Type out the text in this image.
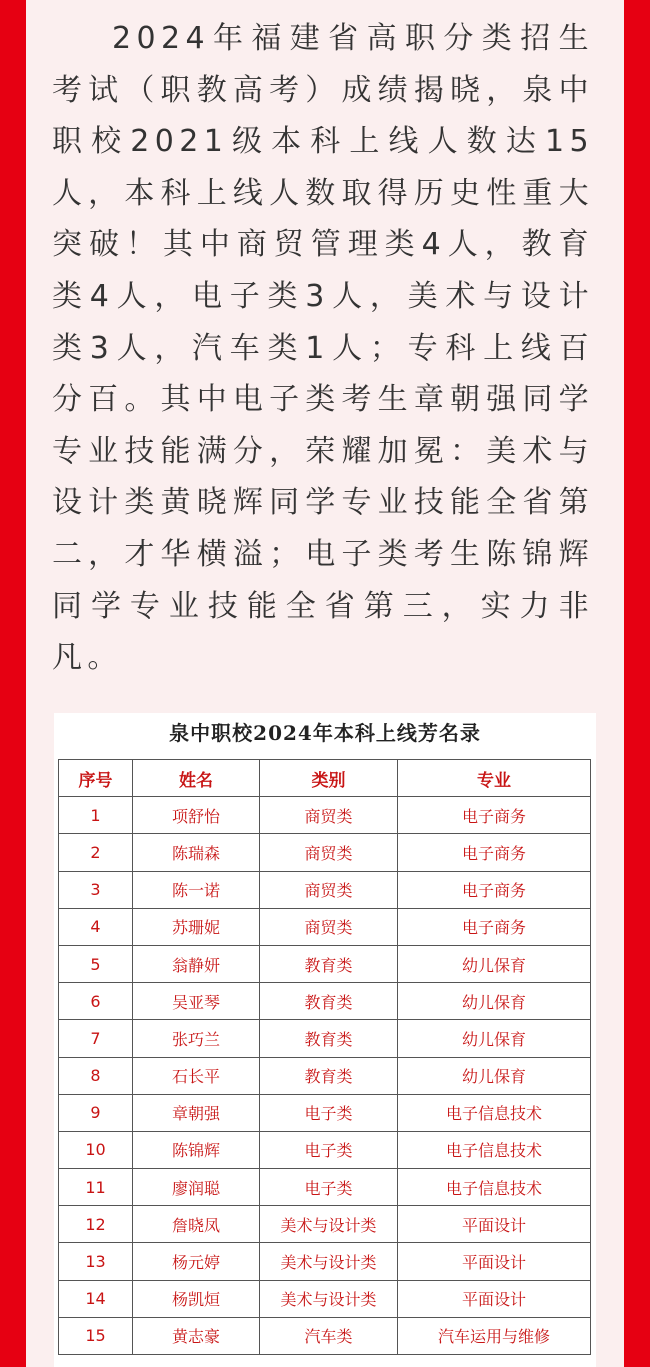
2024年福建省高职分类招生考试（职教高考）成绩揭晓，泉中职校2021级本科上线人数达15人，本科上线人数取得历史性重大突破！其中商贸管理类4人，教育类4人，电子类3人，美术与设计类3人，汽车类1人；专科上线百分百。其中电子类考生章朝强同学专业技能满分，荣耀加冕：美术与设计类黄晓辉同学专业技能全省第二，才华横溢；电子类考生陈锦辉同学专业技能全省第三，实力非凡。

泉中职校2024年本科上线芳名录
序号	姓名	类别	专业
1	项舒怡	商贸类	电子商务
2	陈瑞森	商贸类	电子商务
3	陈一诺	商贸类	电子商务
4	苏珊妮	商贸类	电子商务
5	翁静妍	教育类	幼儿保育
6	吴亚琴	教育类	幼儿保育
7	张巧兰	教育类	幼儿保育
8	石长平	教育类	幼儿保育
9	章朝强	电子类	电子信息技术
10	陈锦辉	电子类	电子信息技术
11	廖润聪	电子类	电子信息技术
12	詹晓凤	美术与设计类	平面设计
13	杨元婷	美术与设计类	平面设计
14	杨凯烜	美术与设计类	平面设计
15	黄志豪	汽车类	汽车运用与维修
